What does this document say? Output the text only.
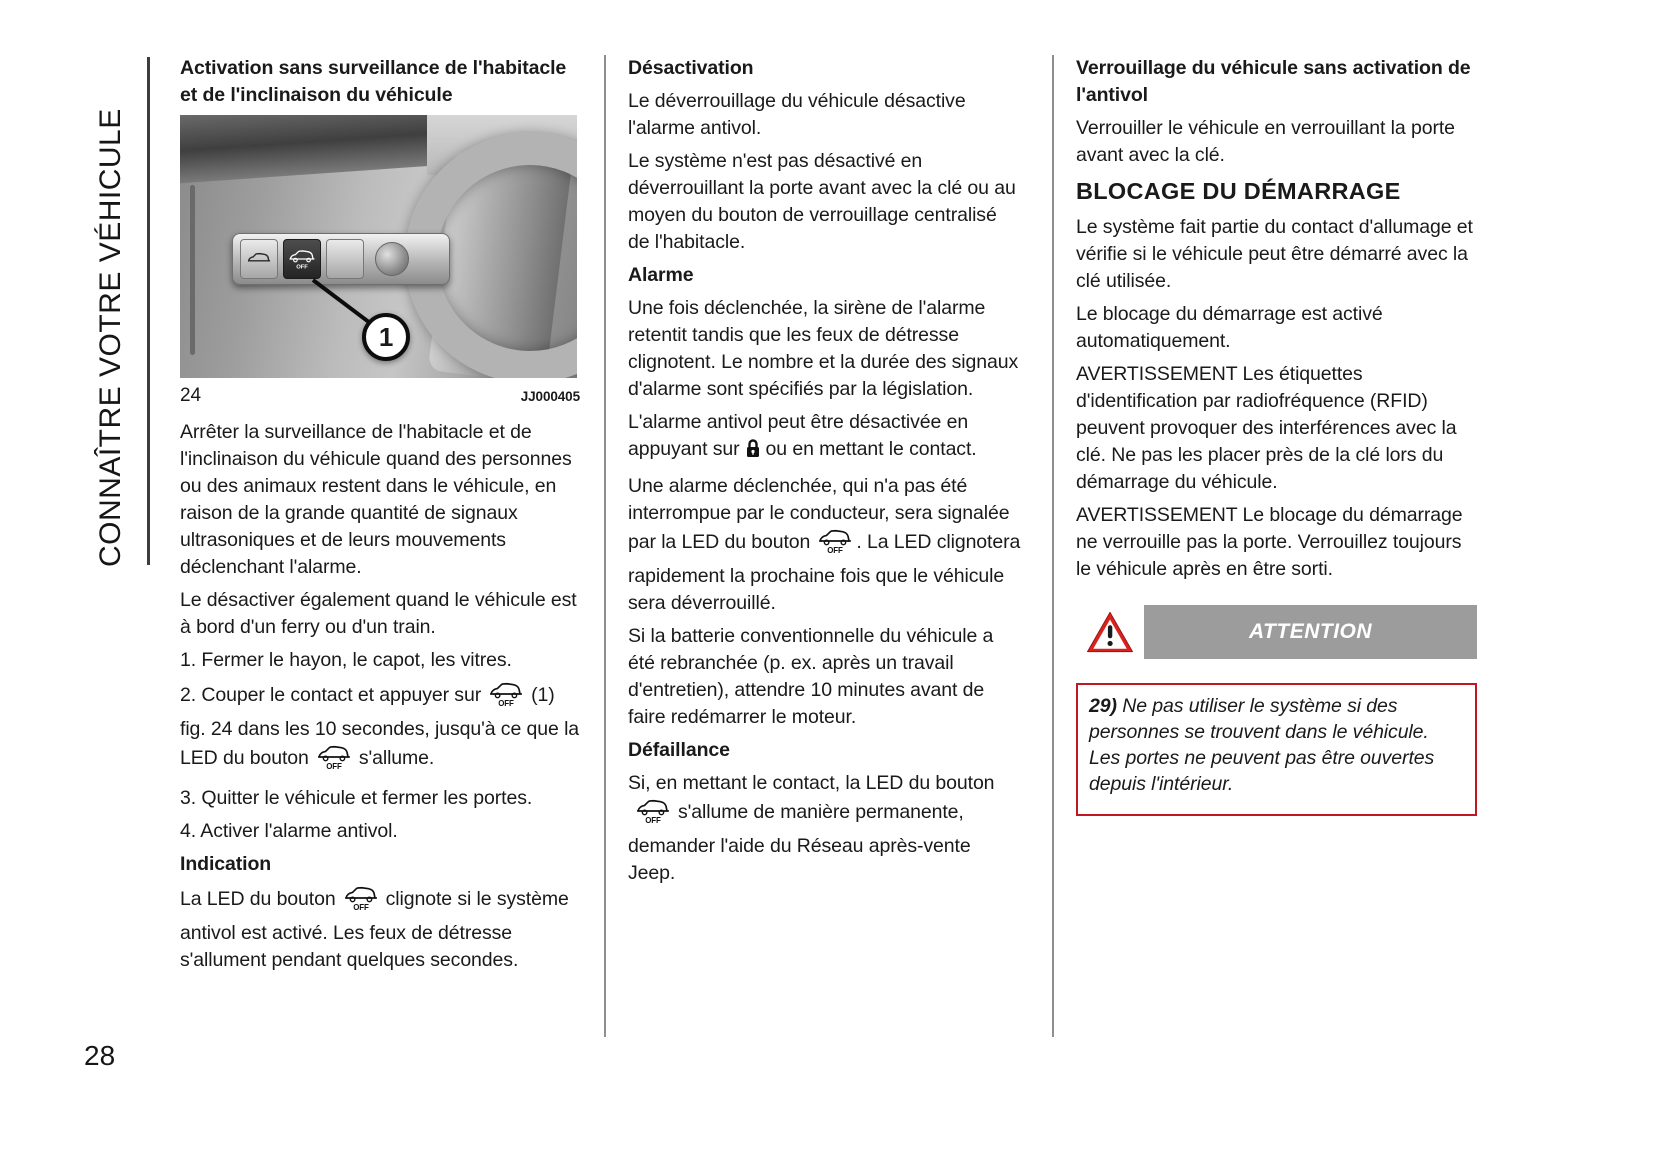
CONNAÎTRE VOTRE VÉHICULE
28

Activation sans surveillance de l'habitacle et de l'inclinaison du véhicule

OFF
1
24	JJ000405

Arrêter la surveillance de l'habitacle et de l'inclinaison du véhicule quand des personnes ou des animaux restent dans le véhicule, en raison de la grande quantité de signaux ultrasoniques et de leurs mouvements déclenchant l'alarme.

Le désactiver également quand le véhicule est à bord d'un ferry ou d'un train.

1. Fermer le hayon, le capot, les vitres.

2. Couper le contact et appuyer sur OFF (1) fig. 24 dans les 10 secondes, jusqu'à ce que la LED du bouton OFF s'allume.

3. Quitter le véhicule et fermer les portes.

4. Activer l'alarme antivol.

Indication

La LED du bouton OFF clignote si le système antivol est activé. Les feux de détresse s'allument pendant quelques secondes.

Désactivation

Le déverrouillage du véhicule désactive l'alarme antivol.

Le système n'est pas désactivé en déverrouillant la porte avant avec la clé ou au moyen du bouton de verrouillage centralisé de l'habitacle.

Alarme

Une fois déclenchée, la sirène de l'alarme retentit tandis que les feux de détresse clignotent. Le nombre et la durée des signaux d'alarme sont spécifiés par la législation.

L'alarme antivol peut être désactivée en appuyant sur ou en mettant le contact.

Une alarme déclenchée, qui n'a pas été interrompue par le conducteur, sera signalée par la LED du bouton OFF . La LED clignotera rapidement la prochaine fois que le véhicule sera déverrouillé.

Si la batterie conventionnelle du véhicule a été rebranchée (p. ex. après un travail d'entretien), attendre 10 minutes avant de faire redémarrer le moteur.

Défaillance

Si, en mettant le contact, la LED du bouton
OFF s'allume de manière permanente, demander l'aide du Réseau après-vente Jeep.

Verrouillage du véhicule sans activation de l'antivol

Verrouiller le véhicule en verrouillant la porte avant avec la clé.

BLOCAGE DU DÉMARRAGE

Le système fait partie du contact d'allumage et vérifie si le véhicule peut être démarré avec la clé utilisée.

Le blocage du démarrage est activé automatiquement.

AVERTISSEMENT Les étiquettes d'identification par radiofréquence (RFID) peuvent provoquer des interférences avec la clé. Ne pas les placer près de la clé lors du démarrage du véhicule.

AVERTISSEMENT Le blocage du démarrage ne verrouille pas la porte. Verrouillez toujours le véhicule après en être sorti.

ATTENTION

29) Ne pas utiliser le système si des personnes se trouvent dans le véhicule. Les portes ne peuvent pas être ouvertes depuis l'intérieur.
